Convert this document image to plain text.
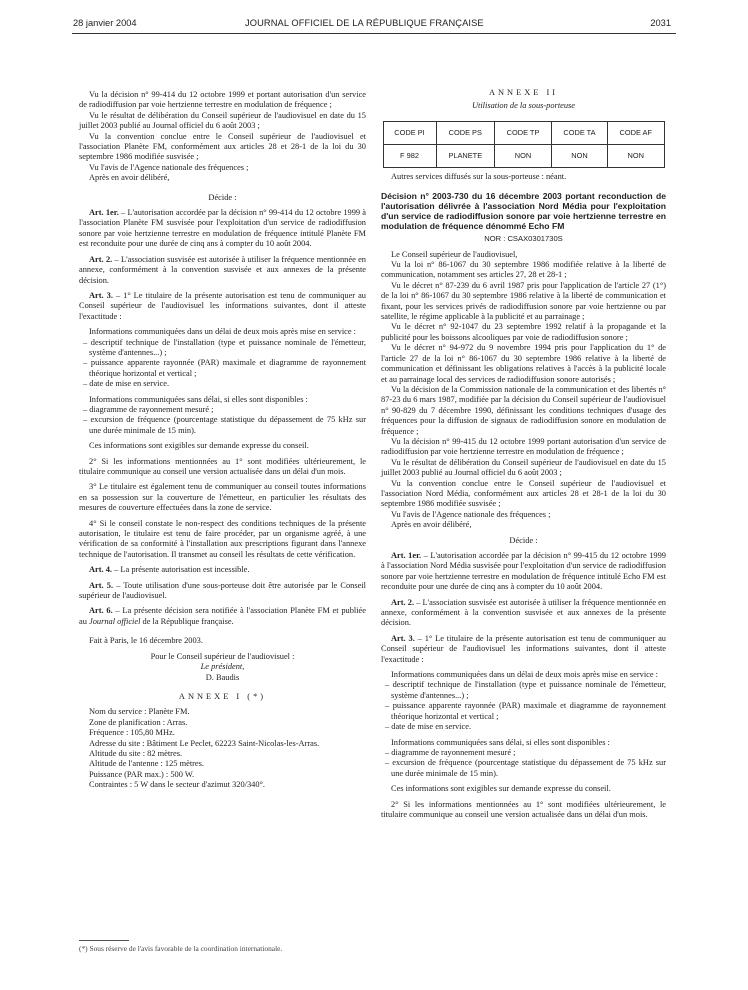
28 janvier 2004	JOURNAL OFFICIEL DE LA RÉPUBLIQUE FRANÇAISE	2031

Vu la décision n° 99-414 du 12 octobre 1999 et portant autorisation d'un service de radiodiffusion par voie hertzienne terrestre en modulation de fréquence ;

Vu le résultat de délibération du Conseil supérieur de l'audiovisuel en date du 15 juillet 2003 publié au Journal officiel du 6 août 2003 ;

Vu la convention conclue entre le Conseil supérieur de l'audiovisuel et l'association Planète FM, conformément aux articles 28 et 28-1 de la loi du 30 septembre 1986 modifiée susvisée ;

Vu l'avis de l'Agence nationale des fréquences ;

Après en avoir délibéré,

Décide :

Art. 1er. – L'autorisation accordée par la décision n° 99-414 du 12 octobre 1999 à l'association Planète FM susvisée pour l'exploitation d'un service de radiodiffusion sonore par voie hertzienne terrestre en modulation de fréquence intitulé Planète FM est reconduite pour une durée de cinq ans à compter du 10 août 2004.

Art. 2. – L'association susvisée est autorisée à utiliser la fréquence mentionnée en annexe, conformément à la convention susvisée et aux annexes de la présente décision.

Art. 3. – 1° Le titulaire de la présente autorisation est tenu de communiquer au Conseil supérieur de l'audiovisuel les informations suivantes, dont il atteste l'exactitude :

Informations communiquées dans un délai de deux mois après mise en service :

– descriptif technique de l'installation (type et puissance nominale de l'émetteur, système d'antennes...) ;

– puissance apparente rayonnée (PAR) maximale et diagramme de rayonnement théorique horizontal et vertical ;

– date de mise en service.

Informations communiquées sans délai, si elles sont disponibles :

– diagramme de rayonnement mesuré ;

– excursion de fréquence (pourcentage statistique du dépassement de 75 kHz sur une durée minimale de 15 min).

Ces informations sont exigibles sur demande expresse du conseil.

2° Si les informations mentionnées au 1° sont modifiées ultérieurement, le titulaire communique au conseil une version actualisée dans un délai d'un mois.

3° Le titulaire est également tenu de communiquer au conseil toutes informations en sa possession sur la couverture de l'émetteur, en particulier les résultats des mesures de couverture effectuées dans la zone de service.

4° Si le conseil constate le non-respect des conditions techniques de la présente autorisation, le titulaire est tenu de faire procéder, par un organisme agréé, à une vérification de sa conformité à l'installation aux prescriptions figurant dans l'annexe technique de l'autorisation. Il transmet au conseil les résultats de cette vérification.

Art. 4. – La présente autorisation est incessible.

Art. 5. – Toute utilisation d'une sous-porteuse doit être autorisée par le Conseil supérieur de l'audiovisuel.

Art. 6. – La présente décision sera notifiée à l'association Planète FM et publiée au Journal officiel de la République française.

Fait à Paris, le 16 décembre 2003.

Pour le Conseil supérieur de l'audiovisuel :

Le président,

D. Baudis

ANNEXE I (*)

Nom du service : Planète FM.

Zone de planification : Arras.

Fréquence : 105,80 MHz.

Adresse du site : Bâtiment Le Peclet, 62223 Saint-Nicolas-les-Arras.

Altitude du site : 82 mètres.

Altitude de l'antenne : 125 mètres.

Puissance (PAR max.) : 500 W.

Contraintes : 5 W dans le secteur d'azimut 320/340°.

(*) Sous réserve de l'avis favorable de la coordination internationale.

ANNEXE II

Utilisation de la sous-porteuse

CODE PI	CODE PS	CODE TP	CODE TA	CODE AF
F 982	PLANETE	NON	NON	NON

Autres services diffusés sur la sous-porteuse : néant.

Décision n° 2003-730 du 16 décembre 2003 portant reconduction de l'autorisation délivrée à l'association Nord Média pour l'exploitation d'un service de radiodiffusion sonore par voie hertzienne terrestre en modulation de fréquence dénommé Echo FM

NOR : CSAX0301730S

Le Conseil supérieur de l'audiovisuel,

Vu la loi n° 86-1067 du 30 septembre 1986 modifiée relative à la liberté de communication, notamment ses articles 27, 28 et 28-1 ;

Vu le décret n° 87-239 du 6 avril 1987 pris pour l'application de l'article 27 (1°) de la loi n° 86-1067 du 30 septembre 1986 relative à la liberté de communication et fixant, pour les services privés de radiodiffusion sonore par voie hertzienne ou par satellite, le régime applicable à la publicité et au parrainage ;

Vu le décret n° 92-1047 du 23 septembre 1992 relatif à la propagande et la publicité pour les boissons alcooliques par voie de radiodiffusion sonore ;

Vu le décret n° 94-972 du 9 novembre 1994 pris pour l'application du 1° de l'article 27 de la loi n° 86-1067 du 30 septembre 1986 relative à la liberté de communication et définissant les obligations relatives à l'accès à la publicité locale et au parrainage local des services de radiodiffusion sonore autorisés ;

Vu la décision de la Commission nationale de la communication et des libertés n° 87-23 du 6 mars 1987, modifiée par la décision du Conseil supérieur de l'audiovisuel n° 90-829 du 7 décembre 1990, définissant les conditions techniques d'usage des fréquences pour la diffusion de signaux de radiodiffusion sonore en modulation de fréquence ;

Vu la décision n° 99-415 du 12 octobre 1999 portant autorisation d'un service de radiodiffusion par voie hertzienne terrestre en modulation de fréquence ;

Vu le résultat de délibération du Conseil supérieur de l'audiovisuel en date du 15 juillet 2003 publié au Journal officiel du 6 août 2003 ;

Vu la convention conclue entre le Conseil supérieur de l'audiovisuel et l'association Nord Média, conformément aux articles 28 et 28-1 de la loi du 30 septembre 1986 modifiée susvisée ;

Vu l'avis de l'Agence nationale des fréquences ;

Après en avoir délibéré,

Décide :

Art. 1er. – L'autorisation accordée par la décision n° 99-415 du 12 octobre 1999 à l'association Nord Média susvisée pour l'exploitation d'un service de radiodiffusion sonore par voie hertzienne terrestre en modulation de fréquence intitulé Echo FM est reconduite pour une durée de cinq ans à compter du 10 août 2004.

Art. 2. – L'association susvisée est autorisée à utiliser la fréquence mentionnée en annexe, conformément à la convention susvisée et aux annexes de la présente décision.

Art. 3. – 1° Le titulaire de la présente autorisation est tenu de communiquer au Conseil supérieur de l'audiovisuel les informations suivantes, dont il atteste l'exactitude :

Informations communiquées dans un délai de deux mois après mise en service :

– descriptif technique de l'installation (type et puissance nominale de l'émetteur, système d'antennes...) ;

– puissance apparente rayonnée (PAR) maximale et diagramme de rayonnement théorique horizontal et vertical ;

– date de mise en service.

Informations communiquées sans délai, si elles sont disponibles :

– diagramme de rayonnement mesuré ;

– excursion de fréquence (pourcentage statistique du dépassement de 75 kHz sur une durée minimale de 15 min).

Ces informations sont exigibles sur demande expresse du conseil.

2° Si les informations mentionnées au 1° sont modifiées ultérieurement, le titulaire communique au conseil une version actualisée dans un délai d'un mois.
